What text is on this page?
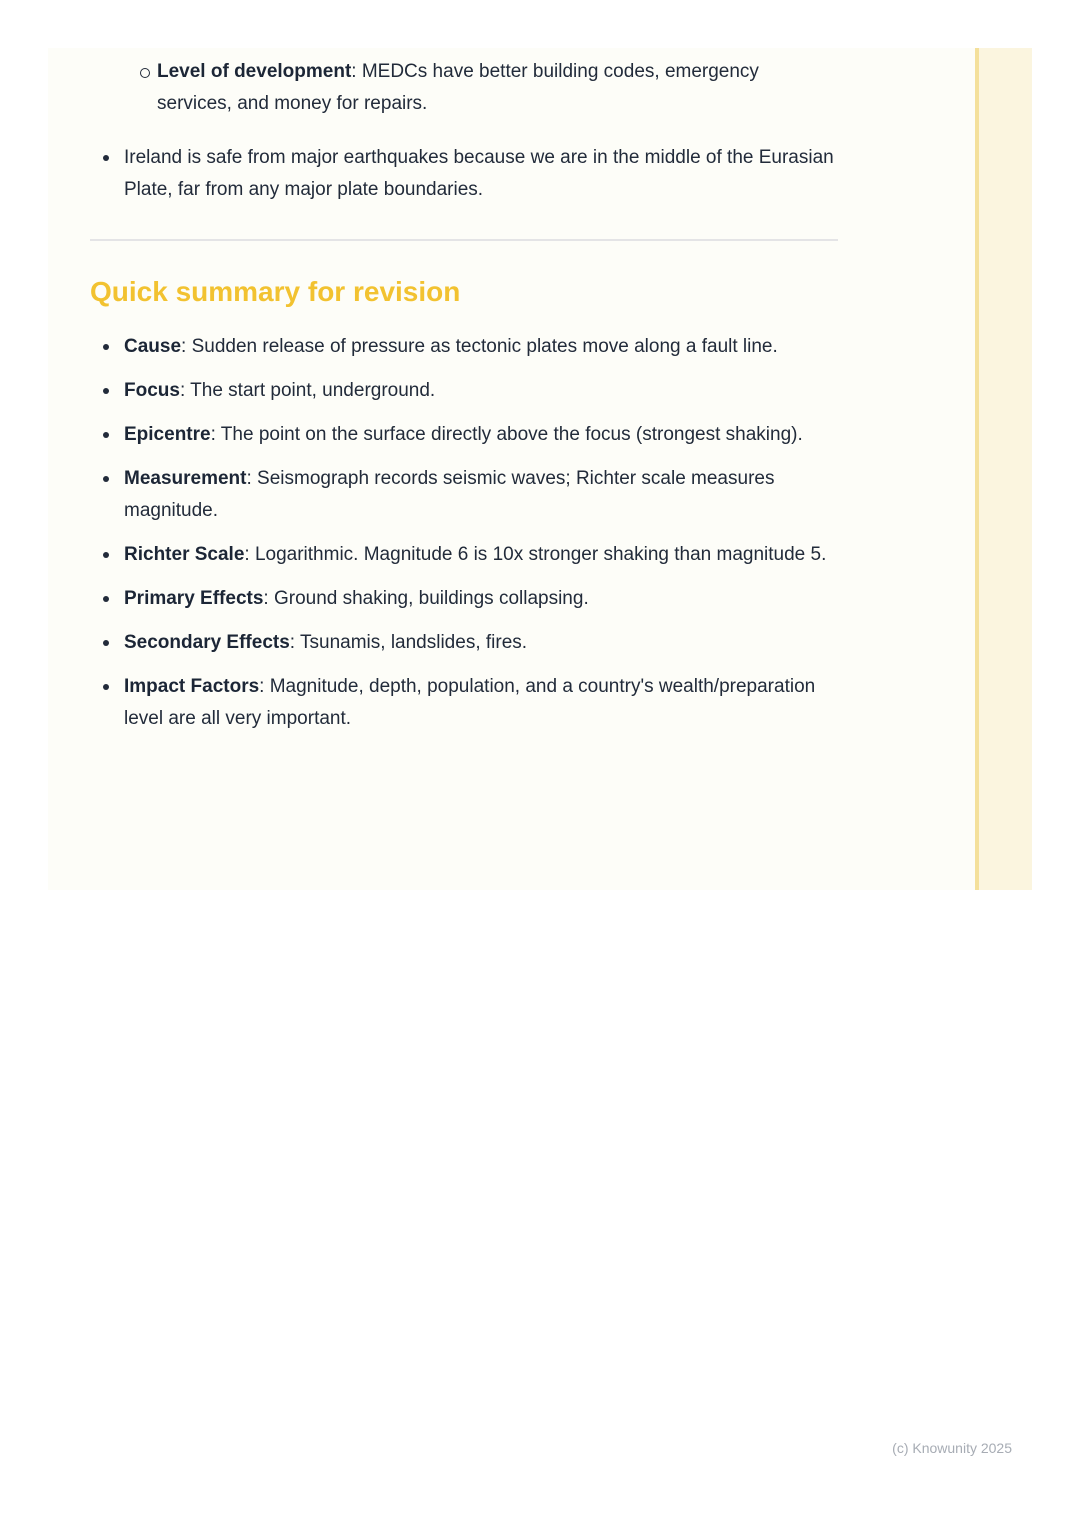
Level of development: MEDCs have better building codes, emergency services, and money for repairs.
Ireland is safe from major earthquakes because we are in the middle of the Eurasian Plate, far from any major plate boundaries.
Quick summary for revision
Cause: Sudden release of pressure as tectonic plates move along a fault line.
Focus: The start point, underground.
Epicentre: The point on the surface directly above the focus (strongest shaking).
Measurement: Seismograph records seismic waves; Richter scale measures magnitude.
Richter Scale: Logarithmic. Magnitude 6 is 10x stronger shaking than magnitude 5.
Primary Effects: Ground shaking, buildings collapsing.
Secondary Effects: Tsunamis, landslides, fires.
Impact Factors: Magnitude, depth, population, and a country's wealth/preparation level are all very important.
(c) Knowunity 2025
